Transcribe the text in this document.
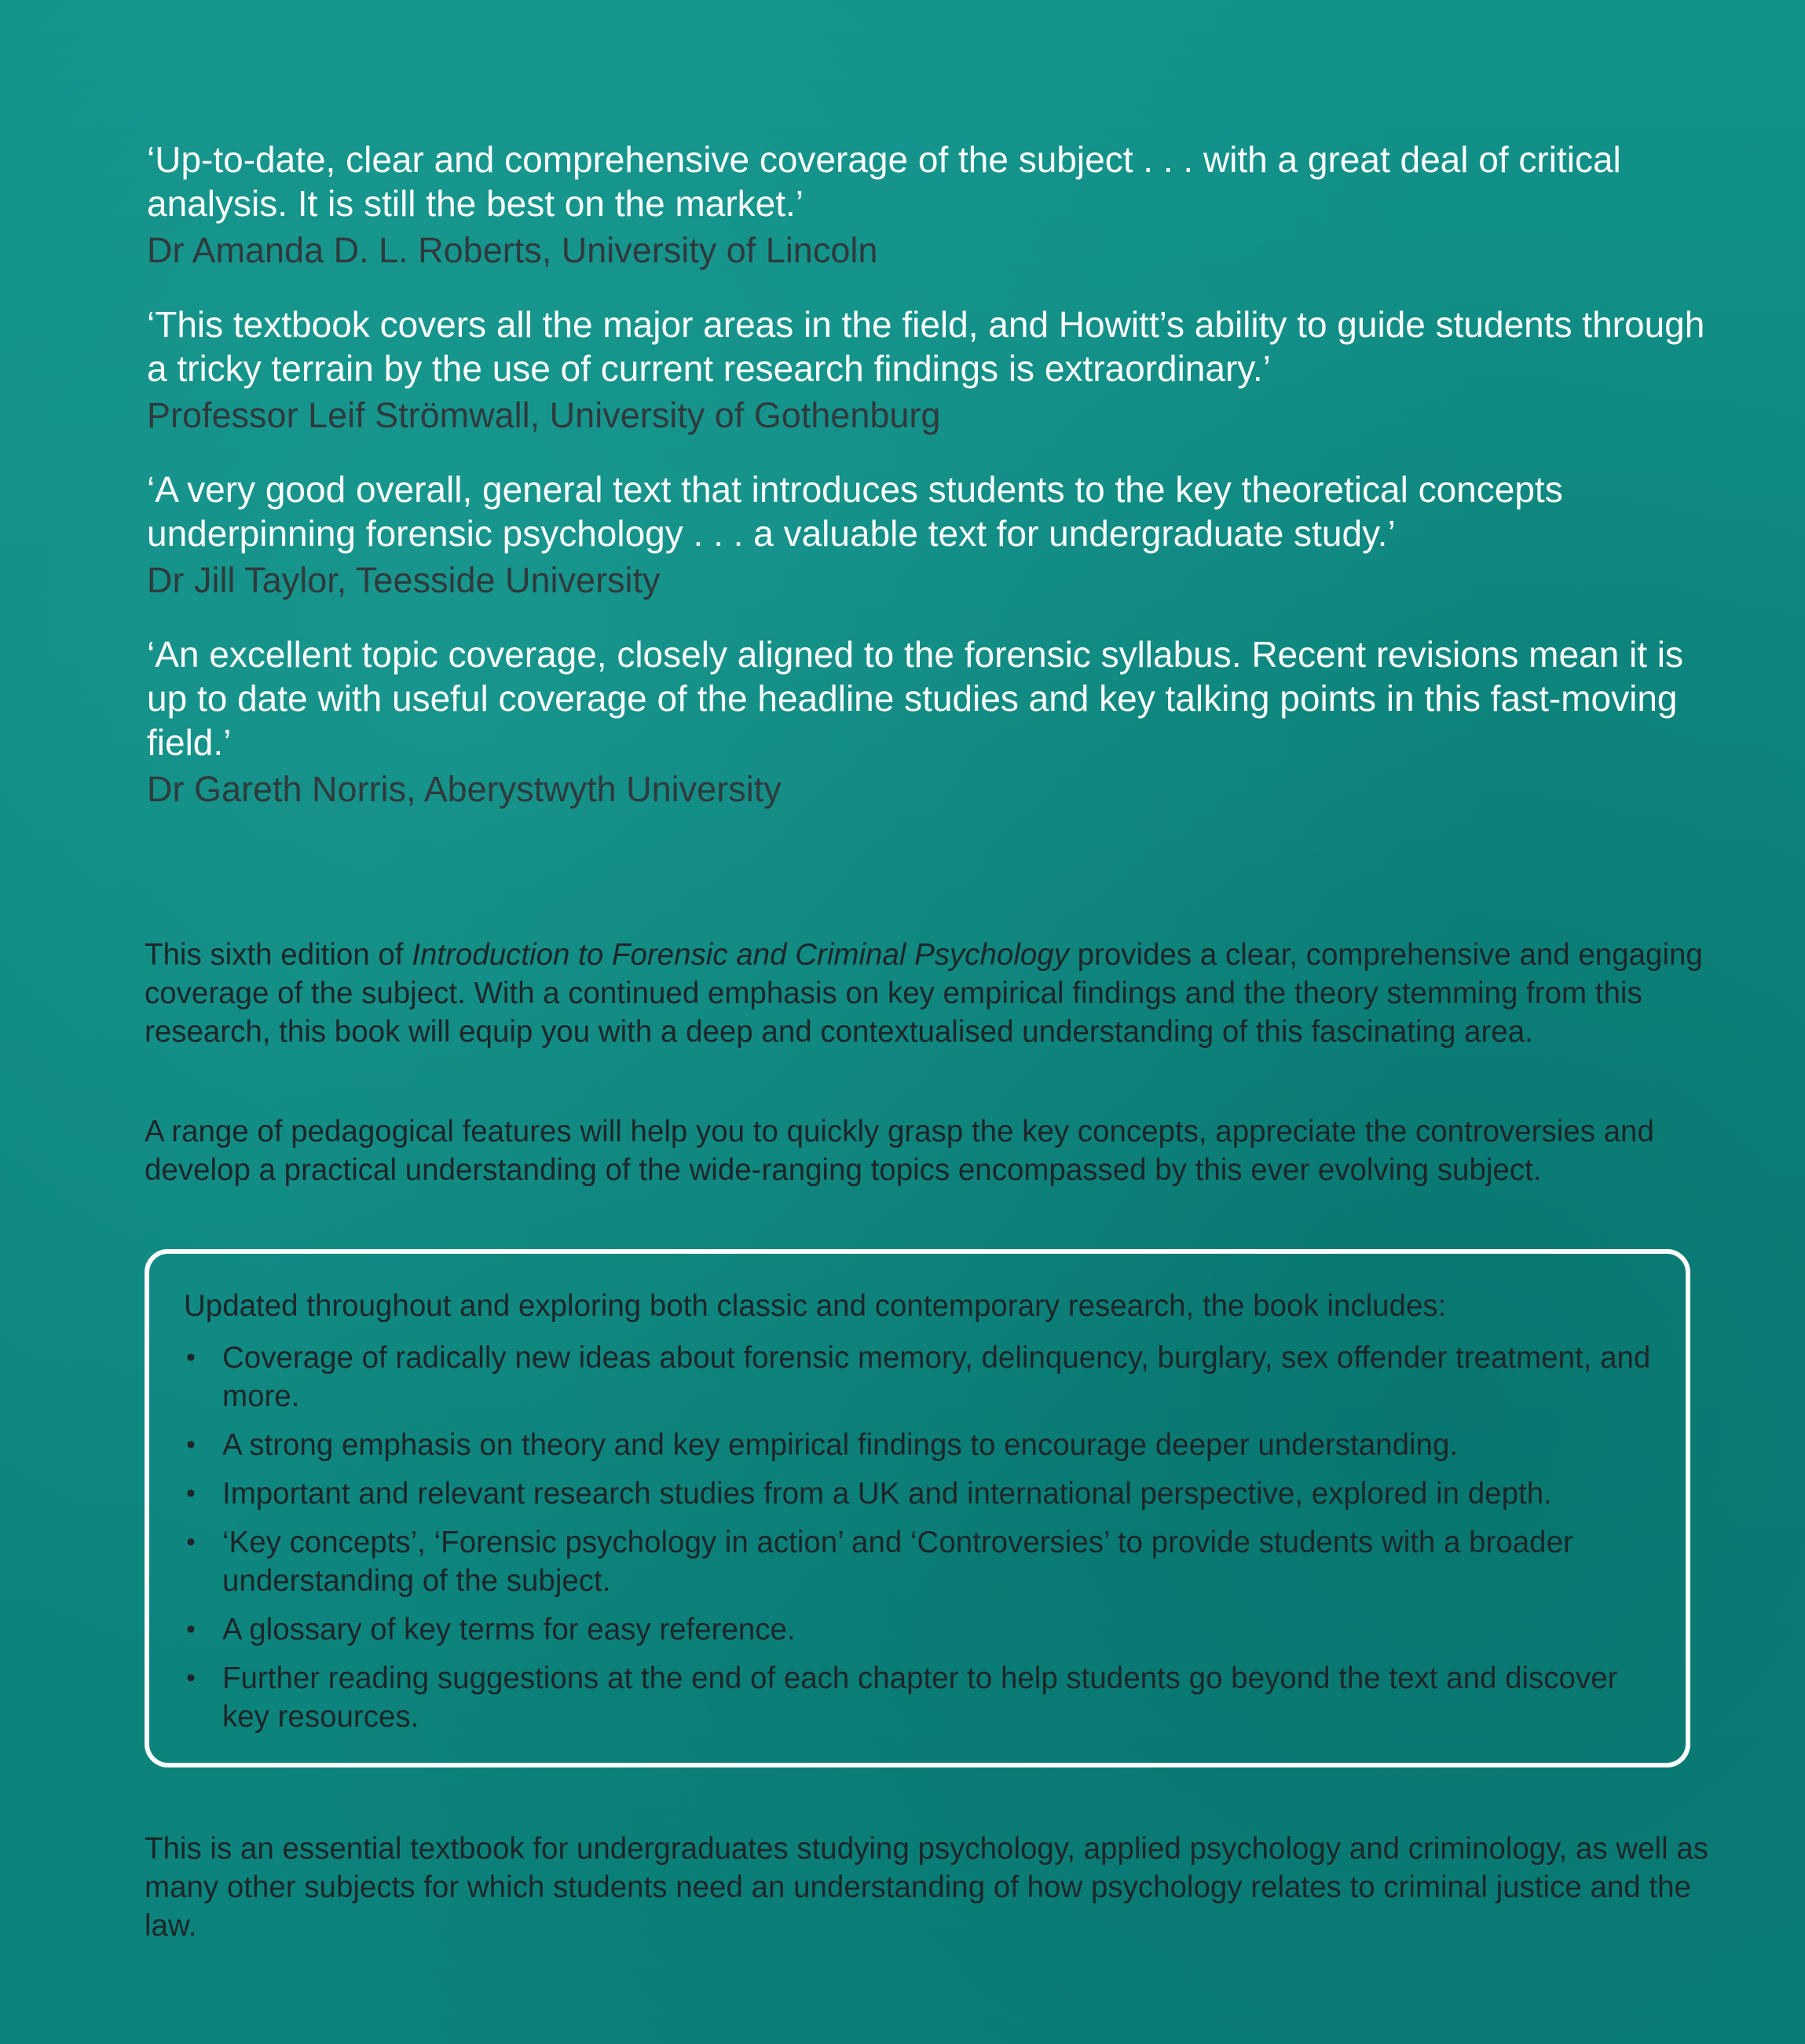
‘Up-to-date, clear and comprehensive coverage of the subject . . . with a great deal of critical analysis. It is still the best on the market.’
Dr Amanda D. L. Roberts, University of Lincoln
‘This textbook covers all the major areas in the field, and Howitt’s ability to guide students through a tricky terrain by the use of current research findings is extraordinary.’
Professor Leif Strömwall, University of Gothenburg
‘A very good overall, general text that introduces students to the key theoretical concepts underpinning forensic psychology . . . a valuable text for undergraduate study.’
Dr Jill Taylor, Teesside University
‘An excellent topic coverage, closely aligned to the forensic syllabus. Recent revisions mean it is up to date with useful coverage of the headline studies and key talking points in this fast-moving field.’
Dr Gareth Norris, Aberystwyth University

This sixth edition of Introduction to Forensic and Criminal Psychology provides a clear, comprehensive and engaging coverage of the subject. With a continued emphasis on key empirical findings and the theory stemming from this research, this book will equip you with a deep and contextualised understanding of this fascinating area.

A range of pedagogical features will help you to quickly grasp the key concepts, appreciate the controversies and develop a practical understanding of the wide-ranging topics encompassed by this ever evolving subject.

Updated throughout and exploring both classic and contemporary research, the book includes:
• Coverage of radically new ideas about forensic memory, delinquency, burglary, sex offender treatment, and more.
• A strong emphasis on theory and key empirical findings to encourage deeper understanding.
• Important and relevant research studies from a UK and international perspective, explored in depth.
• ‘Key concepts’, ‘Forensic psychology in action’ and ‘Controversies’ to provide students with a broader understanding of the subject.
• A glossary of key terms for easy reference.
• Further reading suggestions at the end of each chapter to help students go beyond the text and discover key resources.

This is an essential textbook for undergraduates studying psychology, applied psychology and criminology, as well as many other subjects for which students need an understanding of how psychology relates to criminal justice and the law.
